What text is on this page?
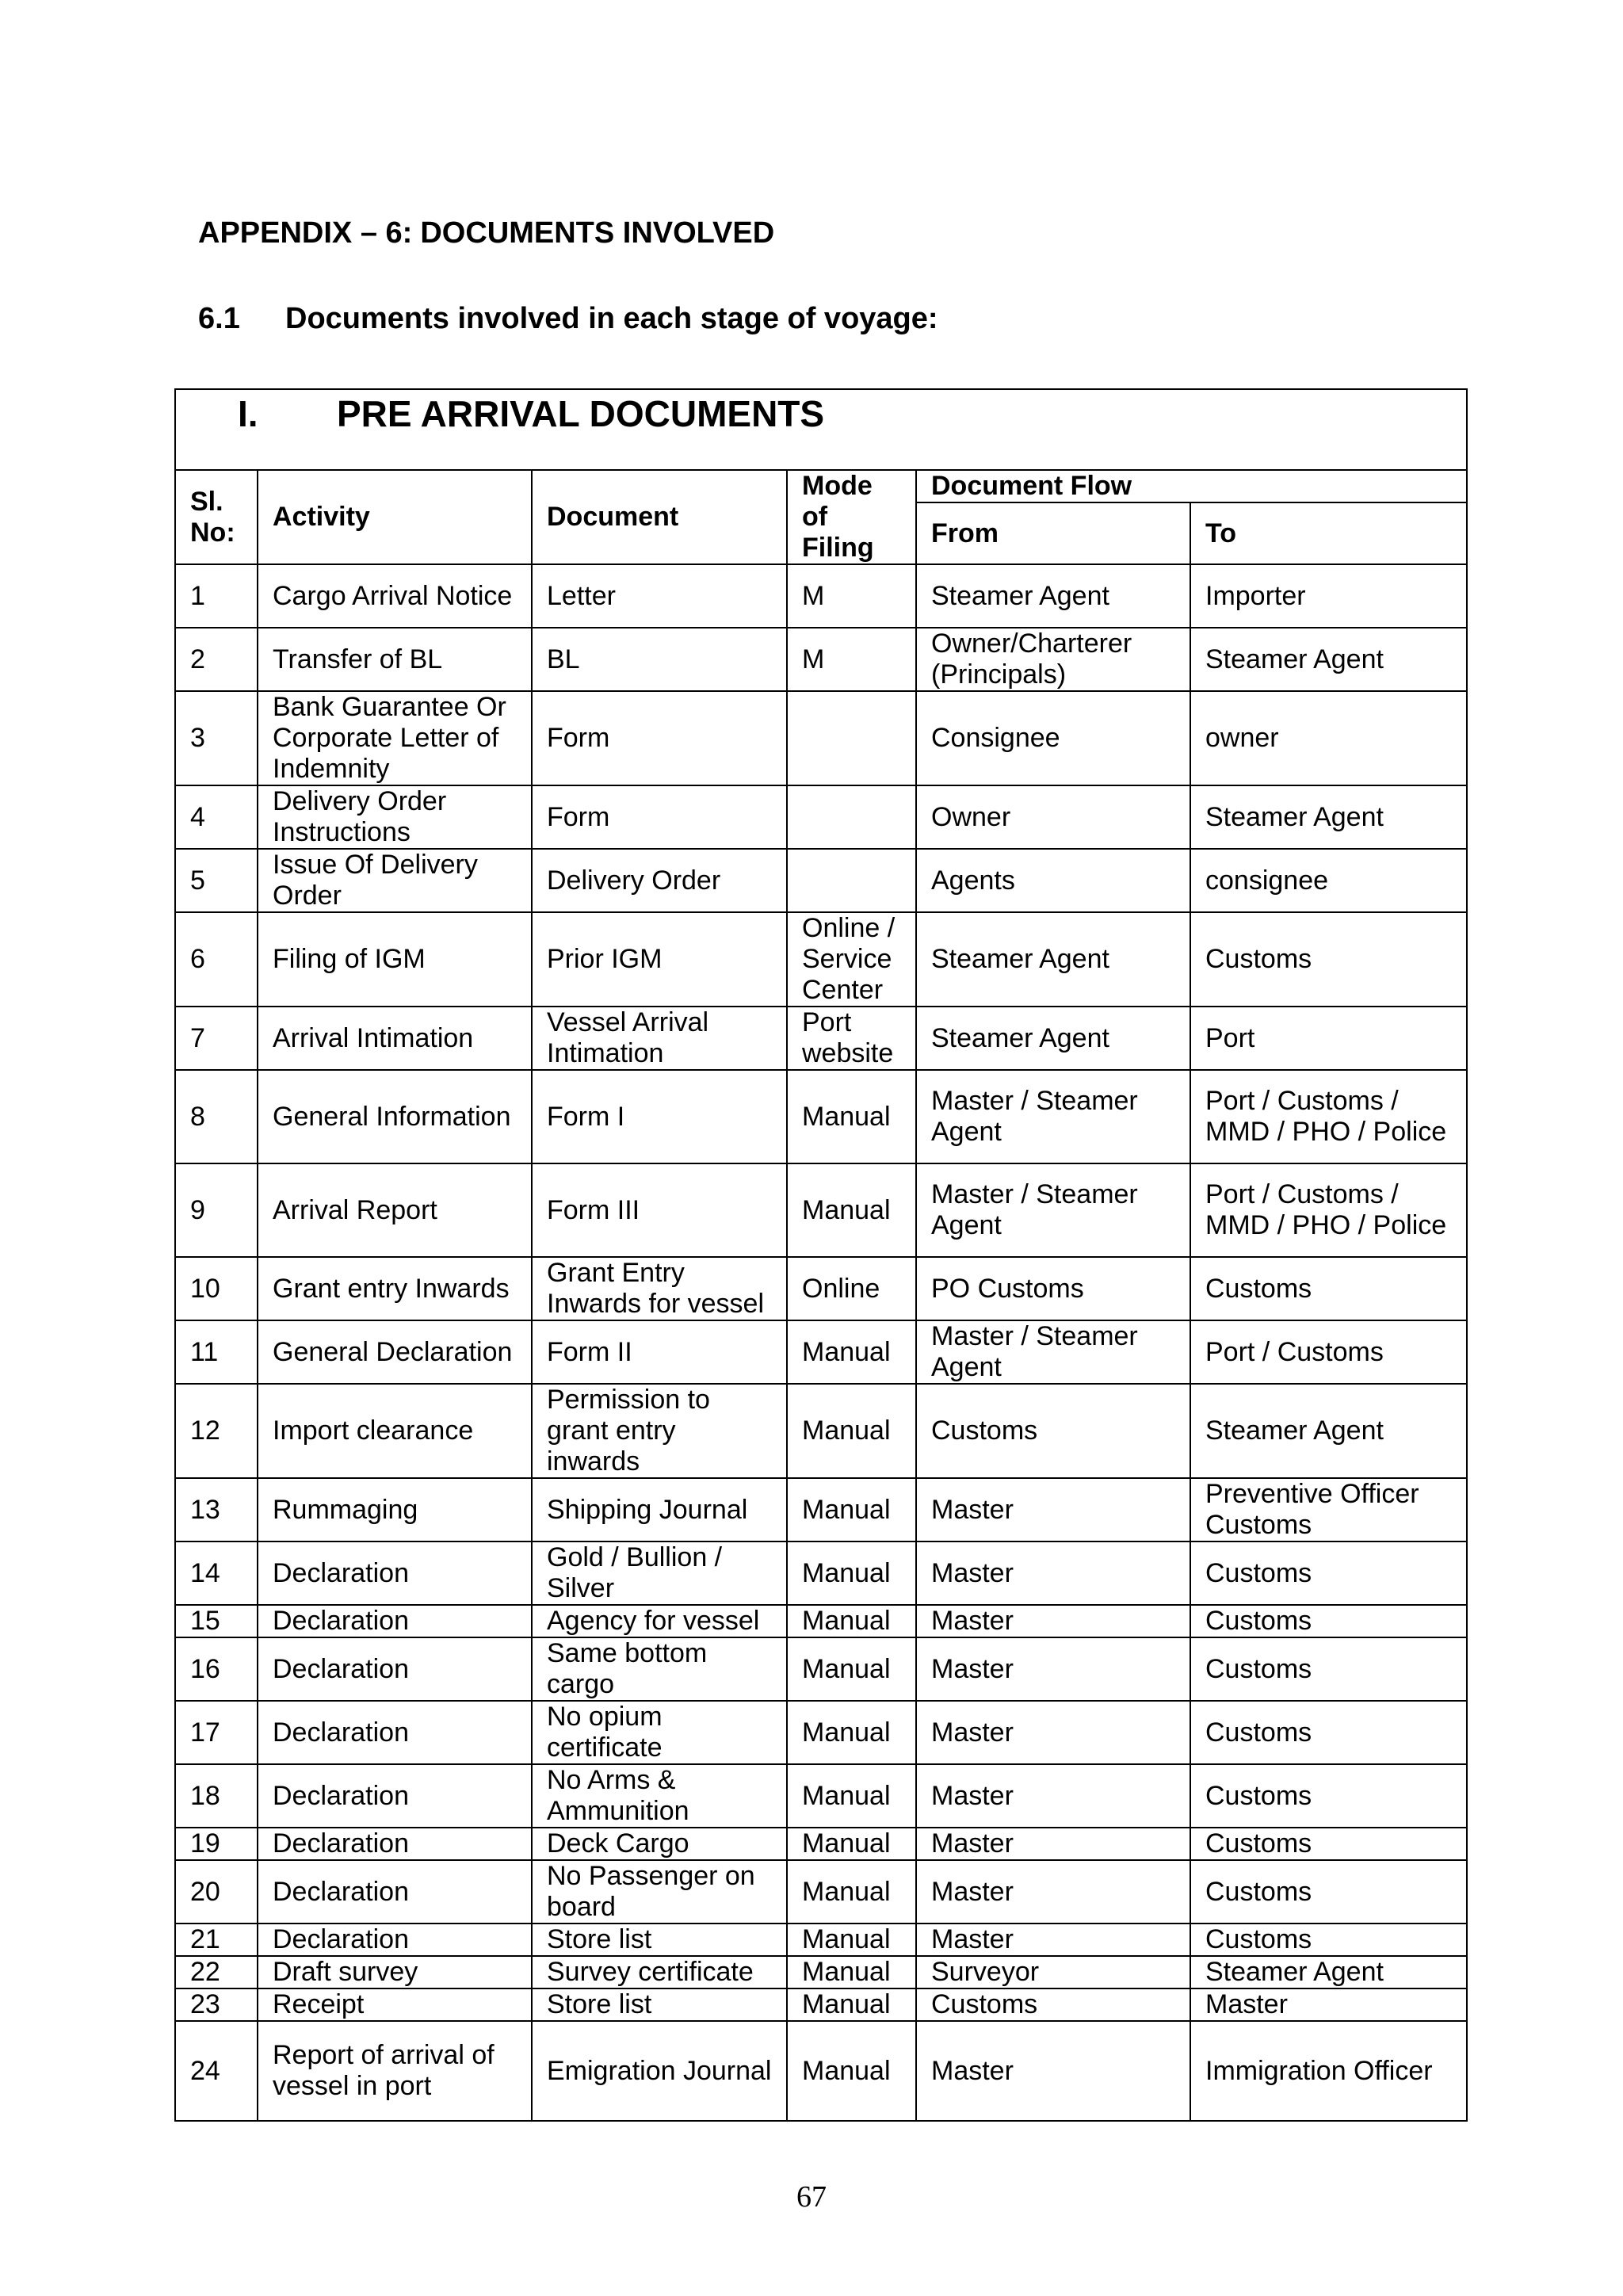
APPENDIX – 6: DOCUMENTS INVOLVED
6.1 Documents involved in each stage of voyage:
I. PRE ARRIVAL DOCUMENTS					
Sl. No:	Activity	Document	Mode of Filing	Document Flow	
				From	To
1	Cargo Arrival Notice	Letter	M	Steamer Agent	Importer
2	Transfer of BL	BL	M	Owner/Charterer (Principals)	Steamer Agent
3	Bank Guarantee Or Corporate Letter of Indemnity	Form		Consignee	owner
4	Delivery Order Instructions	Form		Owner	Steamer Agent
5	Issue Of Delivery Order	Delivery Order		Agents	consignee
6	Filing of IGM	Prior IGM	Online / Service Center	Steamer Agent	Customs
7	Arrival Intimation	Vessel Arrival Intimation	Port website	Steamer Agent	Port
8	General Information	Form I	Manual	Master / Steamer Agent	Port / Customs / MMD / PHO / Police
9	Arrival Report	Form III	Manual	Master / Steamer Agent	Port / Customs / MMD / PHO / Police
10	Grant entry Inwards	Grant Entry Inwards for vessel	Online	PO Customs	Customs
11	General Declaration	Form II	Manual	Master / Steamer Agent	Port / Customs
12	Import clearance	Permission to grant entry inwards	Manual	Customs	Steamer Agent
13	Rummaging	Shipping Journal	Manual	Master	Preventive Officer Customs
14	Declaration	Gold / Bullion / Silver	Manual	Master	Customs
15	Declaration	Agency for vessel	Manual	Master	Customs
16	Declaration	Same bottom cargo	Manual	Master	Customs
17	Declaration	No opium certificate	Manual	Master	Customs
18	Declaration	No Arms & Ammunition	Manual	Master	Customs
19	Declaration	Deck Cargo	Manual	Master	Customs
20	Declaration	No Passenger on board	Manual	Master	Customs
21	Declaration	Store list	Manual	Master	Customs
22	Draft survey	Survey certificate	Manual	Surveyor	Steamer Agent
23	Receipt	Store list	Manual	Customs	Master
24	Report of arrival of vessel in port	Emigration Journal	Manual	Master	Immigration Officer
67
